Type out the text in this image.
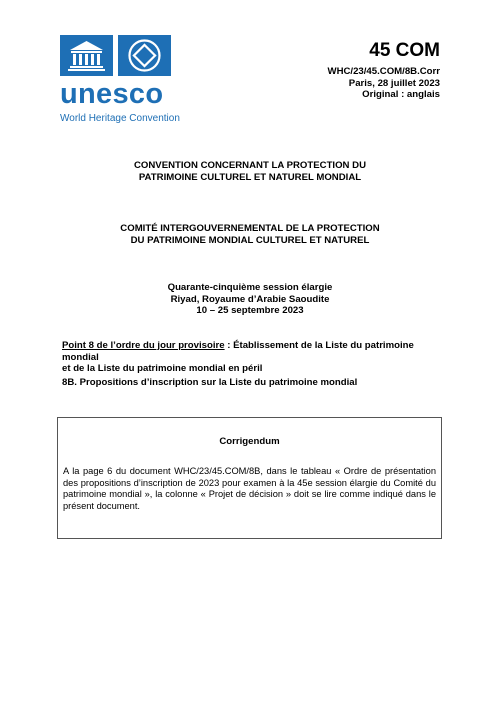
unesco
World Heritage Convention
45 COM
WHC/23/45.COM/8B.Corr
Paris, 28 juillet 2023
Original : anglais
CONVENTION CONCERNANT LA PROTECTION DU
PATRIMOINE CULTUREL ET NATUREL MONDIAL
COMITÉ INTERGOUVERNEMENTAL DE LA PROTECTION
DU PATRIMOINE MONDIAL CULTUREL ET NATUREL
Quarante-cinquième session élargie
Riyad, Royaume d’Arabie Saoudite
10 – 25 septembre 2023
Point 8 de l’ordre du jour provisoire : Établissement de la Liste du patrimoine mondial
et de la Liste du patrimoine mondial en péril
8B. Propositions d’inscription sur la Liste du patrimoine mondial
Corrigendum
A la page 6 du document WHC/23/45.COM/8B, dans le tableau « Ordre de présentation des propositions d’inscription de 2023 pour examen à la 45e session élargie du Comité du patrimoine mondial », la colonne « Projet de décision » doit se lire comme indiqué dans le présent document.
